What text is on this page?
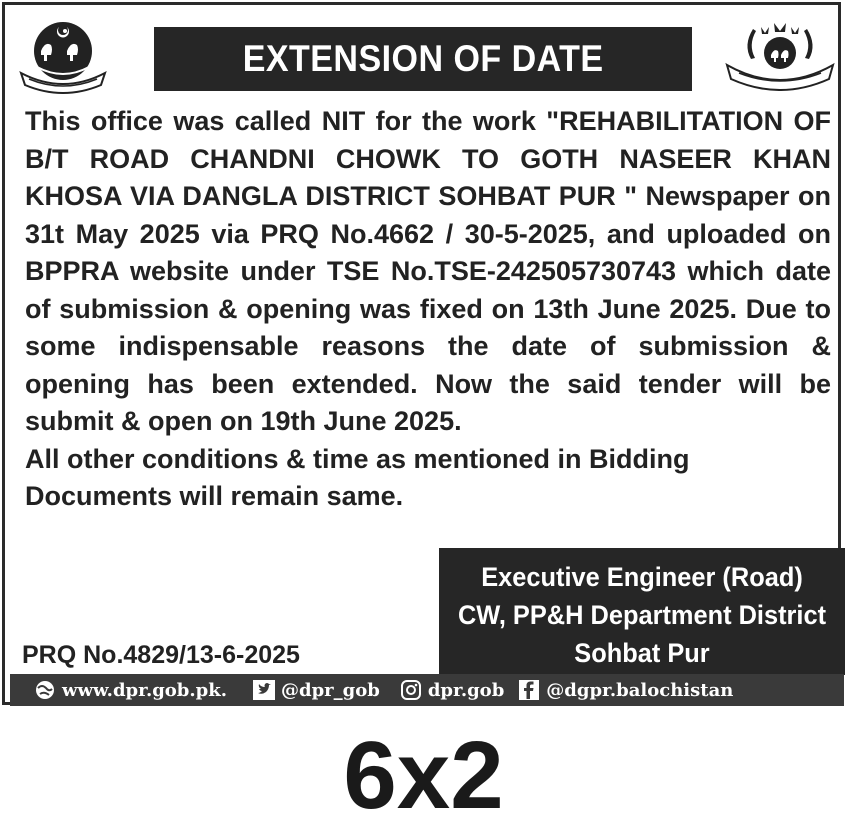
EXTENSION OF DATE

This office was called NIT for the work "REHABILITATION OF B/T ROAD CHANDNI CHOWK TO GOTH NASEER KHAN KHOSA VIA DANGLA DISTRICT SOHBAT PUR " Newspaper on 31t May 2025 via PRQ No.4662 / 30-5-2025, and uploaded on BPPRA website under TSE No.TSE-242505730743 which date of submission & opening was fixed on 13th June 2025. Due to some indispensable reasons the date of submission & opening has been extended. Now the said tender will be submit & open on 19th June 2025.

All other conditions & time as mentioned in Bidding Documents will remain same.

Executive Engineer (Road)
CW, PP&H Department District
Sohbat Pur
PRQ No.4829/13-6-2025
www.dpr.gob.pk.	@dpr_gob	dpr.gob @dgpr.balochistan
6x2
